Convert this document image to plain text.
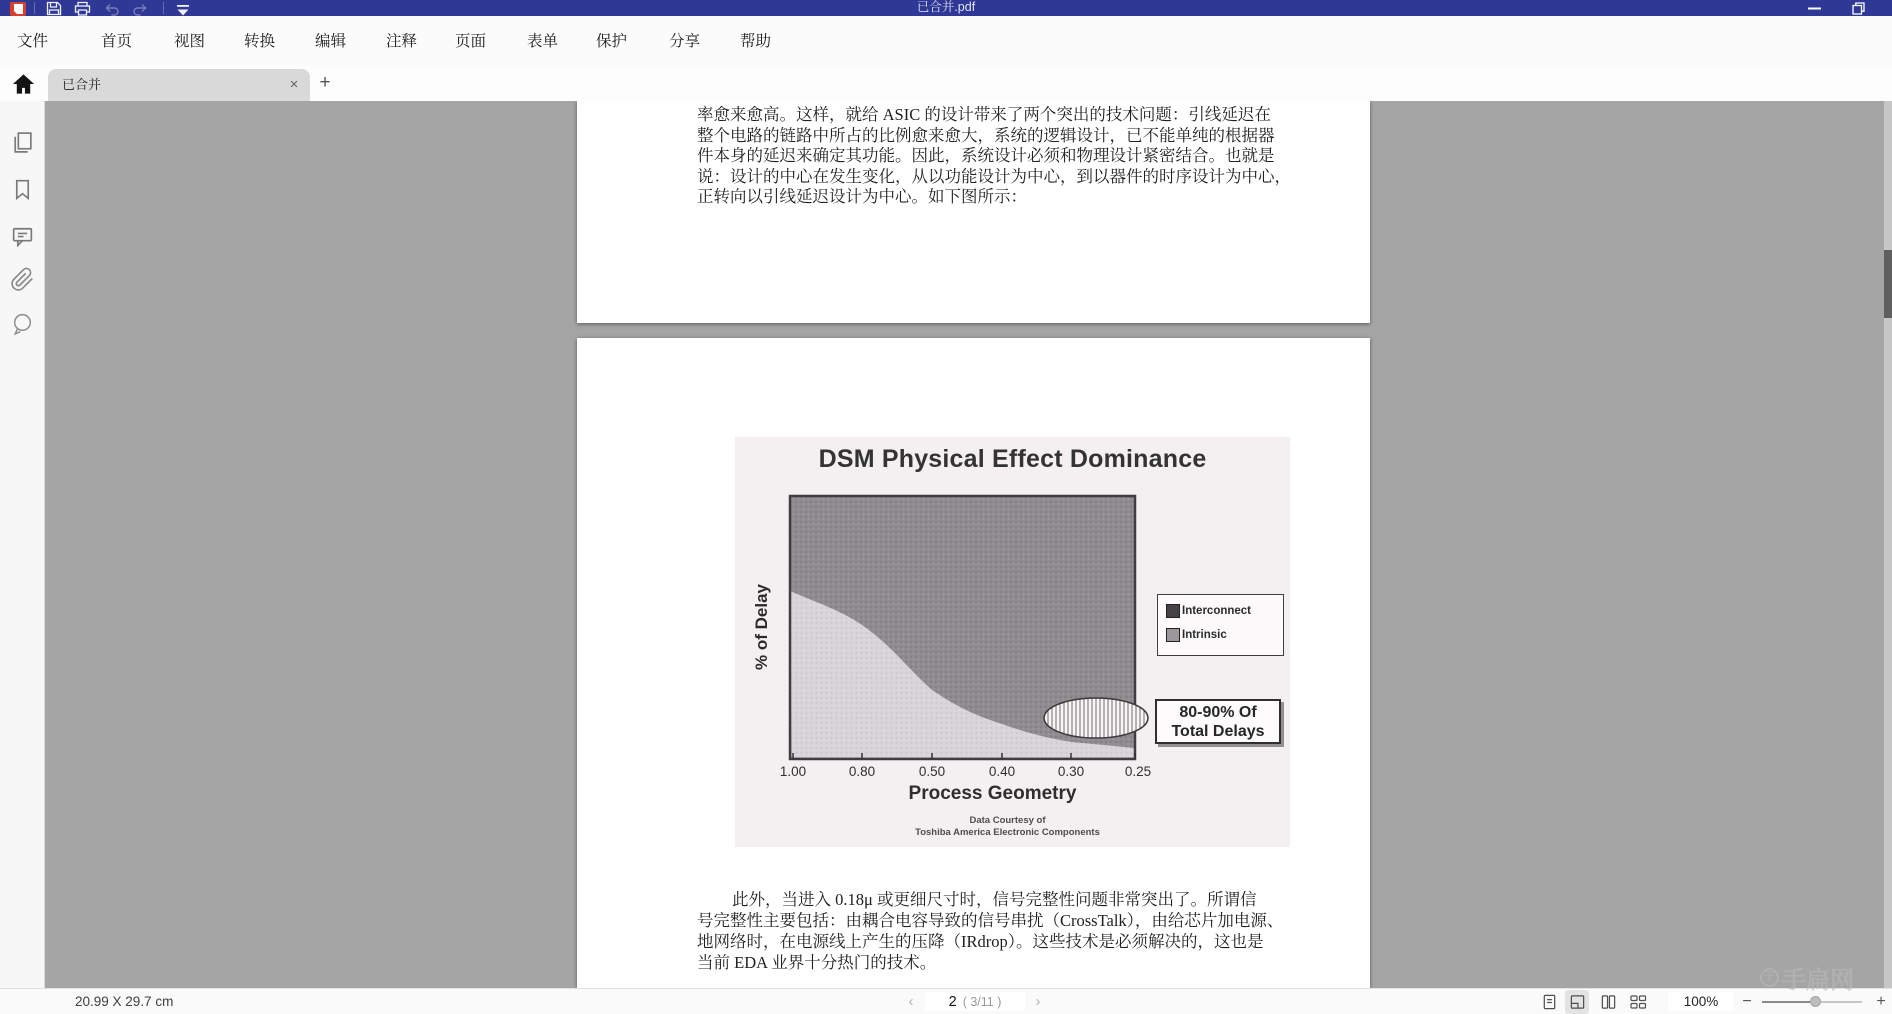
已合并.pdf
文件	首页	视图	转换	编辑	注释 页面	表单 保护	分享	帮助
已合并	× +
率愈来愈高。这样，就给 ASIC 的设计带来了两个突出的技术问题：引线延迟在
整个电路的链路中所占的比例愈来愈大，系统的逻辑设计，已不能单纯的根据器
件本身的延迟来确定其功能。因此，系统设计必须和物理设计紧密结合。也就是
说：设计的中心在发生变化，从以功能设计为中心，到以器件的时序设计为中心，
正转向以引线延迟设计为中心。如下图所示：
DSM Physical Effect Dominance
% of Delay
1.00	0.80	0.50	0.40	0.30	0.25
Interconnect
Intrinsic
80-90% Of
Total Delays
Process Geometry
Data Courtesy of
Toshiba America Electronic Components
此外，当进入 0.18μ 或更细尺寸时，信号完整性问题非常突出了。所谓信
号完整性主要包括：由耦合电容导致的信号串扰（CrossTalk），由给芯片加电源、
地网络时，在电源线上产生的压降（IRdrop）。这些技术是必须解决的，这也是
当前 EDA 业界十分热门的技术。
20.99 X 29.7 cm	‹	2 ( 3/11 )	›	100%	−	+
干 手扁网
